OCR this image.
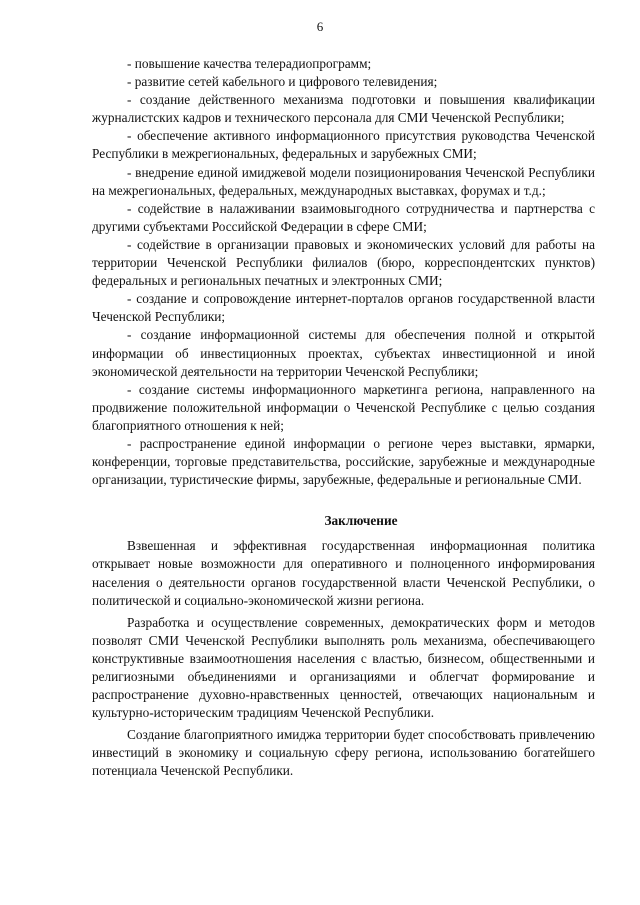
6

- повышение качества телерадиопрограмм;

- развитие сетей кабельного и цифрового телевидения;

- создание действенного механизма подготовки и повышения квалификации журналистских кадров и технического персонала для СМИ Чеченской Республики;

- обеспечение активного информационного присутствия руководства Чеченской Республики в межрегиональных, федеральных и зарубежных СМИ;

- внедрение единой имиджевой модели позиционирования Чеченской Республики на межрегиональных, федеральных, международных выставках, форумах и т.д.;

- содействие в налаживании взаимовыгодного сотрудничества и партнерства с другими субъектами Российской Федерации в сфере СМИ;

- содействие в организации правовых и экономических условий для работы на территории Чеченской Республики филиалов (бюро, корреспондентских пунктов) федеральных и региональных печатных и электронных СМИ;

- создание и сопровождение интернет-порталов органов государственной власти Чеченской Республики;

- создание информационной системы для обеспечения полной и открытой информации об инвестиционных проектах, субъектах инвестиционной и иной экономической деятельности на территории Чеченской Республики;

- создание системы информационного маркетинга региона, направленного на продвижение положительной информации о Чеченской Республике с целью создания благоприятного отношения к ней;

- распространение единой информации о регионе через выставки, ярмарки, конференции, торговые представительства, российские, зарубежные и международные организации, туристические фирмы, зарубежные, федеральные и региональные СМИ.

Заключение

Взвешенная и эффективная государственная информационная политика открывает новые возможности для оперативного и полноценного информирования населения о деятельности органов государственной власти Чеченской Республики, о политической и социально-экономической жизни региона.

Разработка и осуществление современных, демократических форм и методов позволят СМИ Чеченской Республики выполнять роль механизма, обеспечивающего конструктивные взаимоотношения населения с властью, бизнесом, общественными и религиозными объединениями и организациями и облегчат формирование и распространение духовно-нравственных ценностей, отвечающих национальным и культурно-историческим традициям Чеченской Республики.

Создание благоприятного имиджа территории будет способствовать привлечению инвестиций в экономику и социальную сферу региона, использованию богатейшего потенциала Чеченской Республики.
